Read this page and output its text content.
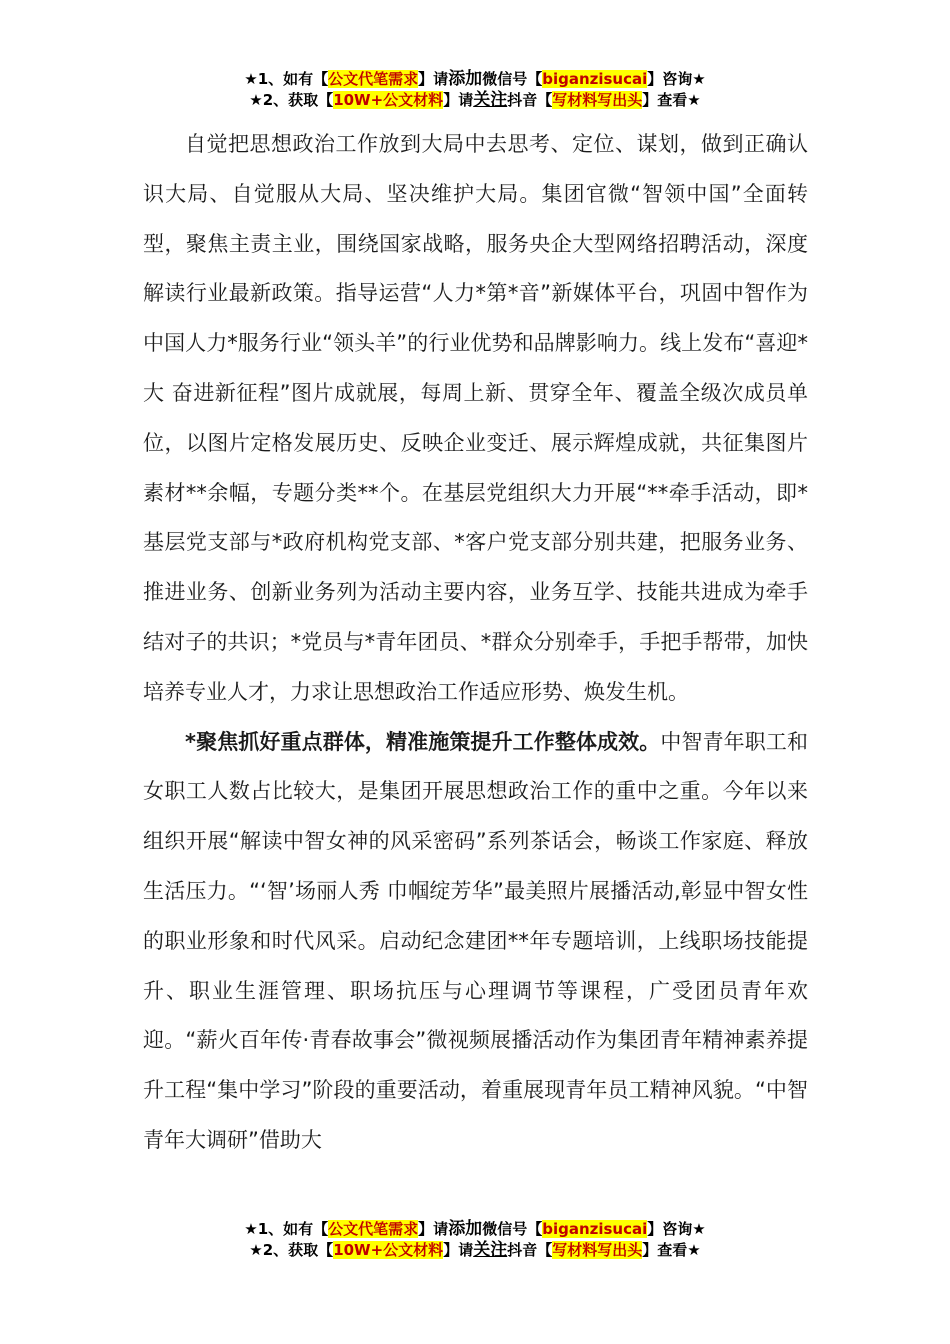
★1、如有【公文代笔需求】请添加微信号【biganzisucai】咨询★
★2、获取【10W+公文材料】请关注抖音【写材料写出头】查看★

自觉把思想政治工作放到大局中去思考、定位、谋划，做到正确认识大局、自觉服从大局、坚决维护大局。集团官微“智领中国”全面转型，聚焦主责主业，围绕国家战略，服务央企大型网络招聘活动，深度解读行业最新政策。指导运营“人力*第*音”新媒体平台，巩固中智作为中国人力*服务行业“领头羊”的行业优势和品牌影响力。线上发布“喜迎*大 奋进新征程”图片成就展，每周上新、贯穿全年、覆盖全级次成员单位，以图片定格发展历史、反映企业变迁、展示辉煌成就，共征集图片素材**余幅，专题分类**个。在基层党组织大力开展“**牵手活动，即*基层党支部与*政府机构党支部、*客户党支部分别共建，把服务业务、推进业务、创新业务列为活动主要内容，业务互学、技能共进成为牵手结对子的共识；*党员与*青年团员、*群众分别牵手，手把手帮带，加快培养专业人才，力求让思想政治工作适应形势、焕发生机。

*聚焦抓好重点群体，精准施策提升工作整体成效。中智青年职工和女职工人数占比较大，是集团开展思想政治工作的重中之重。今年以来组织开展“解读中智女神的风采密码”系列茶话会，畅谈工作家庭、释放生活压力。“‘智’场丽人秀 巾帼绽芳华”最美照片展播活动,彰显中智女性的职业形象和时代风采。启动纪念建团**年专题培训，上线职场技能提升、职业生涯管理、职场抗压与心理调节等课程，广受团员青年欢迎。“薪火百年传·青春故事会”微视频展播活动作为集团青年精神素养提升工程“集中学习”阶段的重要活动，着重展现青年员工精神风貌。“中智青年大调研”借助大

★1、如有【公文代笔需求】请添加微信号【biganzisucai】咨询★
★2、获取【10W+公文材料】请关注抖音【写材料写出头】查看★
